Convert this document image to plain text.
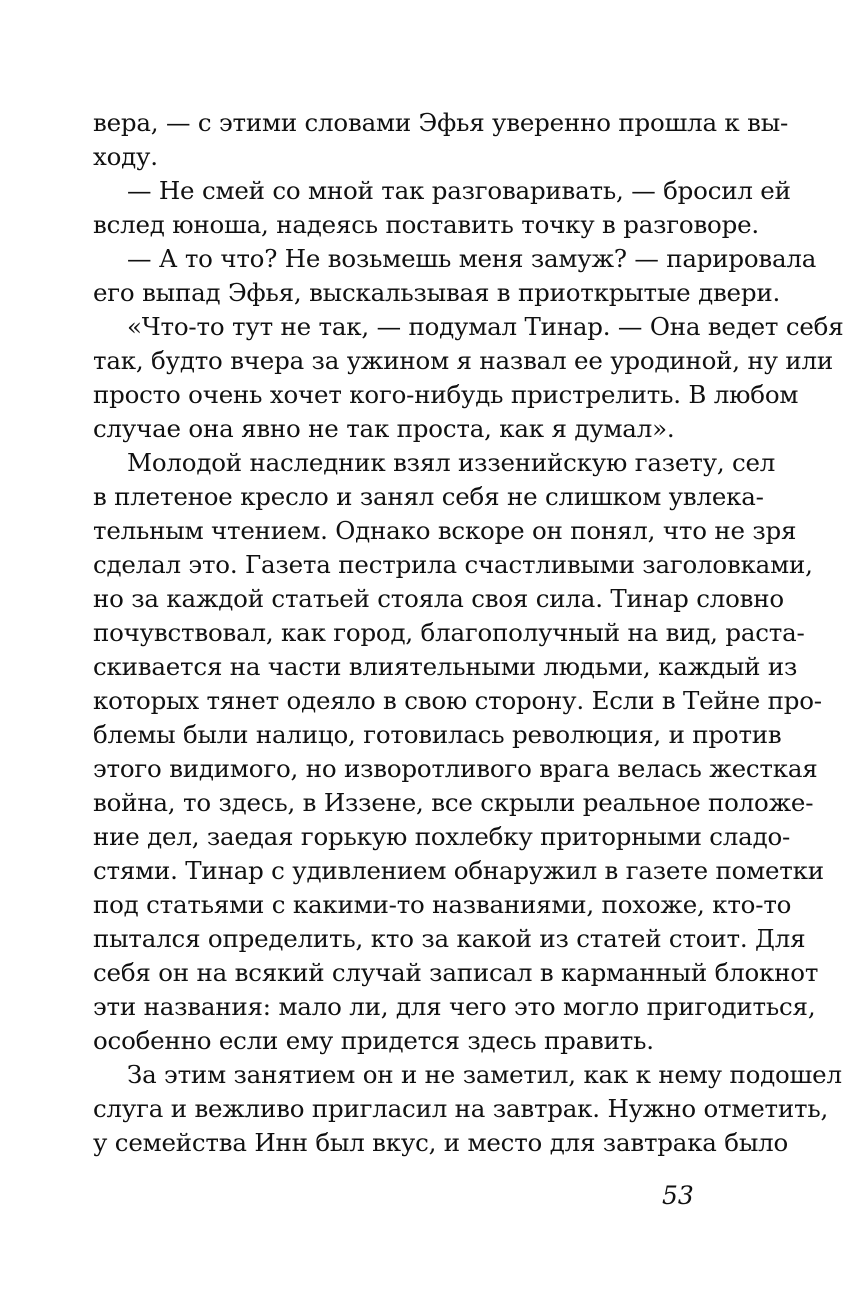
вера, — с этими словами Эфья уверенно прошла к вы-
ходу.
— Не смей со мной так разговаривать, — бросил ей
вслед юноша, надеясь поставить точку в разговоре.
— А то что? Не возьмешь меня замуж? — парировала
его выпад Эфья, выскальзывая в приоткрытые двери.
«Что-то тут не так, — подумал Тинар. — Она ведет себя
так, будто вчера за ужином я назвал ее уродиной, ну или
просто очень хочет кого-нибудь пристрелить. В любом
случае она явно не так проста, как я думал».
Молодой наследник взял иззенийскую газету, сел
в плетеное кресло и занял себя не слишком увлека-
тельным чтением. Однако вскоре он понял, что не зря
сделал это. Газета пестрила счастливыми заголовками,
но за каждой статьей стояла своя сила. Тинар словно
почувствовал, как город, благополучный на вид, раста-
скивается на части влиятельными людьми, каждый из
которых тянет одеяло в свою сторону. Если в Тейне про-
блемы были налицо, готовилась революция, и против
этого видимого, но изворотливого врага велась жесткая
война, то здесь, в Иззене, все скрыли реальное положе-
ние дел, заедая горькую похлебку приторными сладо-
стями. Тинар с удивлением обнаружил в газете пометки
под статьями с какими-то названиями, похоже, кто-то
пытался определить, кто за какой из статей стоит. Для
себя он на всякий случай записал в карманный блокнот
эти названия: мало ли, для чего это могло пригодиться,
особенно если ему придется здесь править.
За этим занятием он и не заметил, как к нему подошел
слуга и вежливо пригласил на завтрак. Нужно отметить,
у семейства Инн был вкус, и место для завтрака было
53
